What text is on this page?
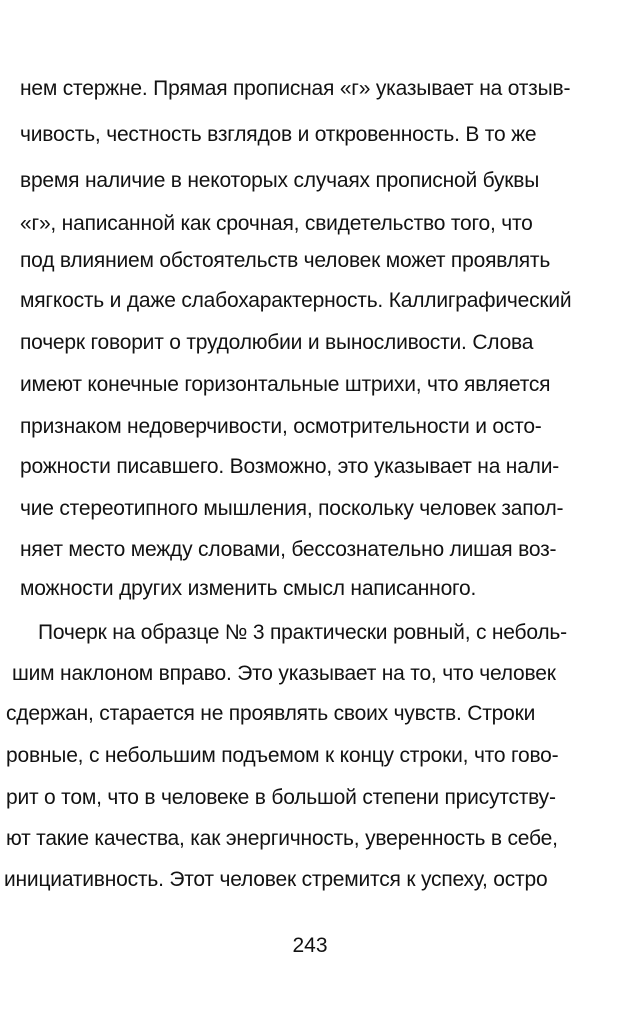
нем стержне. Прямая прописная «г» указывает на отзыв-
чивость, честность взглядов и откровенность. В то же
время наличие в некоторых случаях прописной буквы
«г», написанной как срочная, свидетельство того, что
под влиянием обстоятельств человек может проявлять
мягкость и даже слабохарактерность. Каллиграфический
почерк говорит о трудолюбии и выносливости. Слова
имеют конечные горизонтальные штрихи, что является
признаком недоверчивости, осмотрительности и осто-
рожности писавшего. Возможно, это указывает на нали-
чие стереотипного мышления, поскольку человек запол-
няет место между словами, бессознательно лишая воз-
можности других изменить смысл написанного.
Почерк на образце № 3 практически ровный, с неболь-
шим наклоном вправо. Это указывает на то, что человек
сдержан, старается не проявлять своих чувств. Строки
ровные, с небольшим подъемом к концу строки, что гово-
рит о том, что в человеке в большой степени присутству-
ют такие качества, как энергичность, уверенность в себе,
инициативность. Этот человек стремится к успеху, остро
243
